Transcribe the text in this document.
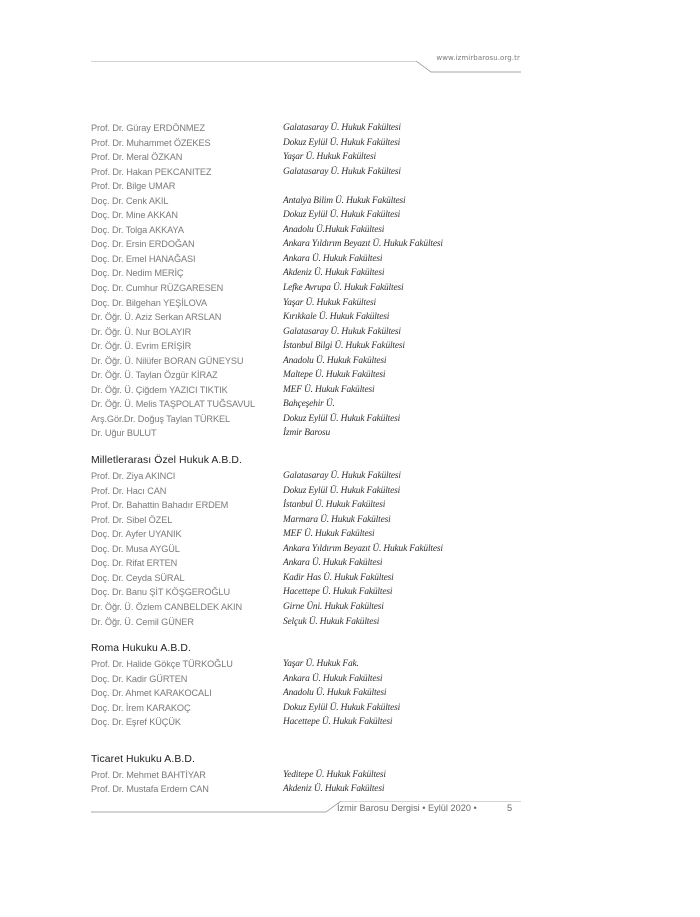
www.izmirbarosu.org.tr
Prof. Dr. Güray ERDÖNMEZ	Galatasaray Ü. Hukuk Fakültesi
Prof. Dr. Muhammet ÖZEKES	Dokuz Eylül Ü. Hukuk Fakültesi
Prof. Dr. Meral ÖZKAN	Yaşar Ü. Hukuk Fakültesi
Prof. Dr. Hakan PEKCANITEZ	Galatasaray Ü. Hukuk Fakültesi
Prof. Dr. Bilge UMAR
Doç. Dr. Cenk AKIL	Antalya Bilim Ü. Hukuk Fakültesi
Doç. Dr. Mine AKKAN	Dokuz Eylül Ü. Hukuk Fakültesi
Doç. Dr. Tolga AKKAYA	Anadolu Ü.Hukuk Fakültesi
Doç. Dr. Ersin ERDOĞAN	Ankara Yıldırım Beyazıt Ü. Hukuk Fakültesi
Doç. Dr. Emel HANAĞASI	Ankara Ü. Hukuk Fakültesi
Doç. Dr. Nedim MERİÇ	Akdeniz Ü. Hukuk Fakültesi
Doç. Dr. Cumhur RÜZGARESEN	Lefke Avrupa Ü. Hukuk Fakültesi
Doç. Dr. Bilgehan YEŞİLOVA	Yaşar Ü. Hukuk Fakültesi
Dr. Öğr. Ü. Aziz Serkan ARSLAN	Kırıkkale Ü. Hukuk Fakültesi
Dr. Öğr. Ü. Nur BOLAYIR	Galatasaray Ü. Hukuk Fakültesi
Dr. Öğr. Ü. Evrim ERİŞİR	İstanbul Bilgi Ü. Hukuk Fakültesi
Dr. Öğr. Ü. Nilüfer BORAN GÜNEYSU	Anadolu Ü. Hukuk Fakültesi
Dr. Öğr. Ü. Taylan Özgür KİRAZ	Maltepe Ü. Hukuk Fakültesi
Dr. Öğr. Ü. Çiğdem YAZICI TIKTIK	MEF Ü. Hukuk Fakültesi
Dr. Öğr. Ü. Melis TAŞPOLAT TUĞSAVUL	Bahçeşehir Ü.
Arş.Gör.Dr. Doğuş Taylan TÜRKEL	Dokuz Eylül Ü. Hukuk Fakültesi
Dr. Uğur BULUT	İzmir Barosu
Milletlerarası Özel Hukuk A.B.D.
Prof. Dr. Ziya AKINCI	Galatasaray Ü. Hukuk Fakültesi
Prof. Dr. Hacı CAN	Dokuz Eylül Ü. Hukuk Fakültesi
Prof. Dr. Bahattin Bahadır ERDEM	İstanbul Ü. Hukuk Fakültesi
Prof. Dr. Sibel ÖZEL	Marmara Ü. Hukuk Fakültesi
Doç. Dr. Ayfer UYANIK	MEF Ü. Hukuk Fakültesi
Doç. Dr. Musa AYGÜL	Ankara Yıldırım Beyazıt Ü. Hukuk Fakültesi
Doç. Dr. Rifat ERTEN	Ankara Ü. Hukuk Fakültesi
Doç. Dr. Ceyda SÜRAL	Kadir Has Ü. Hukuk Fakültesi
Doç. Dr. Banu ŞİT KÖŞGEROĞLU	Hacettepe Ü. Hukuk Fakültesi
Dr. Öğr. Ü. Özlem CANBELDEK AKIN	Girne Üni. Hukuk Fakültesi
Dr. Öğr. Ü. Cemil GÜNER	Selçuk Ü. Hukuk Fakültesi
Roma Hukuku A.B.D.
Prof. Dr. Halide Gökçe TÜRKOĞLU	Yaşar Ü. Hukuk Fak.
Doç. Dr. Kadir GÜRTEN	Ankara Ü. Hukuk Fakültesi
Doç. Dr. Ahmet KARAKOCALI	Anadolu Ü. Hukuk Fakültesi
Doç. Dr. İrem KARAKOÇ	Dokuz Eylül Ü. Hukuk Fakültesi
Doç. Dr. Eşref KÜÇÜK	Hacettepe Ü. Hukuk Fakültesi
Ticaret Hukuku A.B.D.
Prof. Dr. Mehmet BAHTİYAR	Yeditepe Ü. Hukuk Fakültesi
Prof. Dr. Mustafa Erdem CAN	Akdeniz Ü. Hukuk Fakültesi
İzmir Barosu Dergisi • Eylül 2020 •	5
